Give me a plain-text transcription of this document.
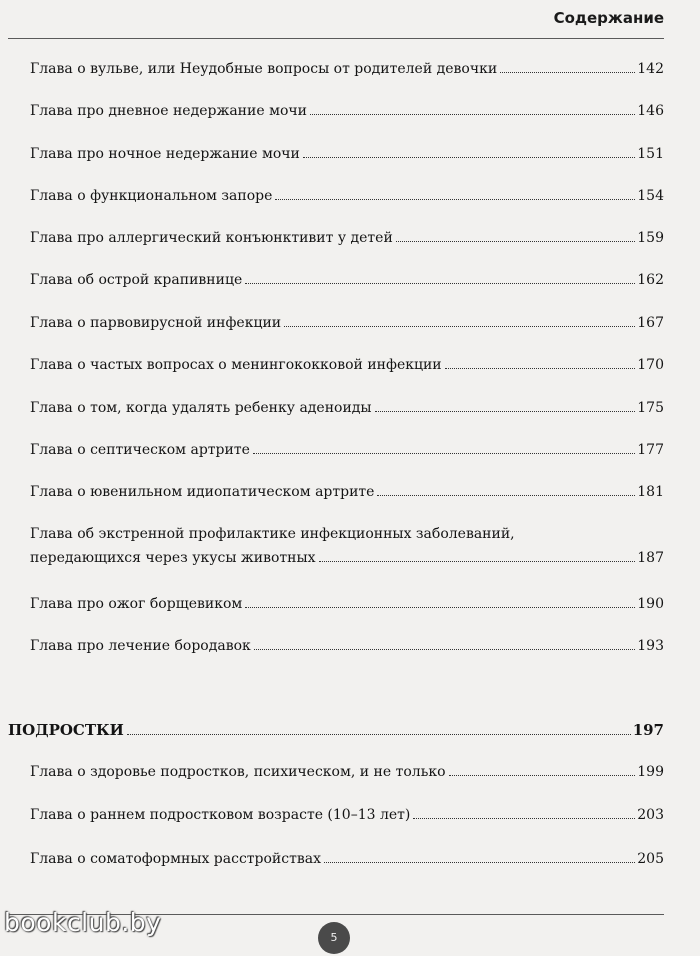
Содержание
Глава о вульве, или Неудобные вопросы от родителей девочки	142
Глава про дневное недержание мочи	146
Глава про ночное недержание мочи	151
Глава о функциональном запоре	154
Глава про аллергический конъюнктивит у детей	159
Глава об острой крапивнице	162
Глава о парвовирусной инфекции	167
Глава о частых вопросах о менингококковой инфекции	170
Глава о том, когда удалять ребенку аденоиды	175
Глава о септическом артрите	177
Глава о ювенильном идиопатическом артрите	181
Глава об экстренной профилактике инфекционных заболеваний,
передающихся через укусы животных	187
Глава про ожог борщевиком	190
Глава про лечение бородавок	193
ПОДРОСТКИ	197
Глава о здоровье подростков, психическом, и не только	199
Глава о раннем подростковом возрасте (10–13 лет)	203
Глава о соматоформных расстройствах	205
bookclub.by
5
